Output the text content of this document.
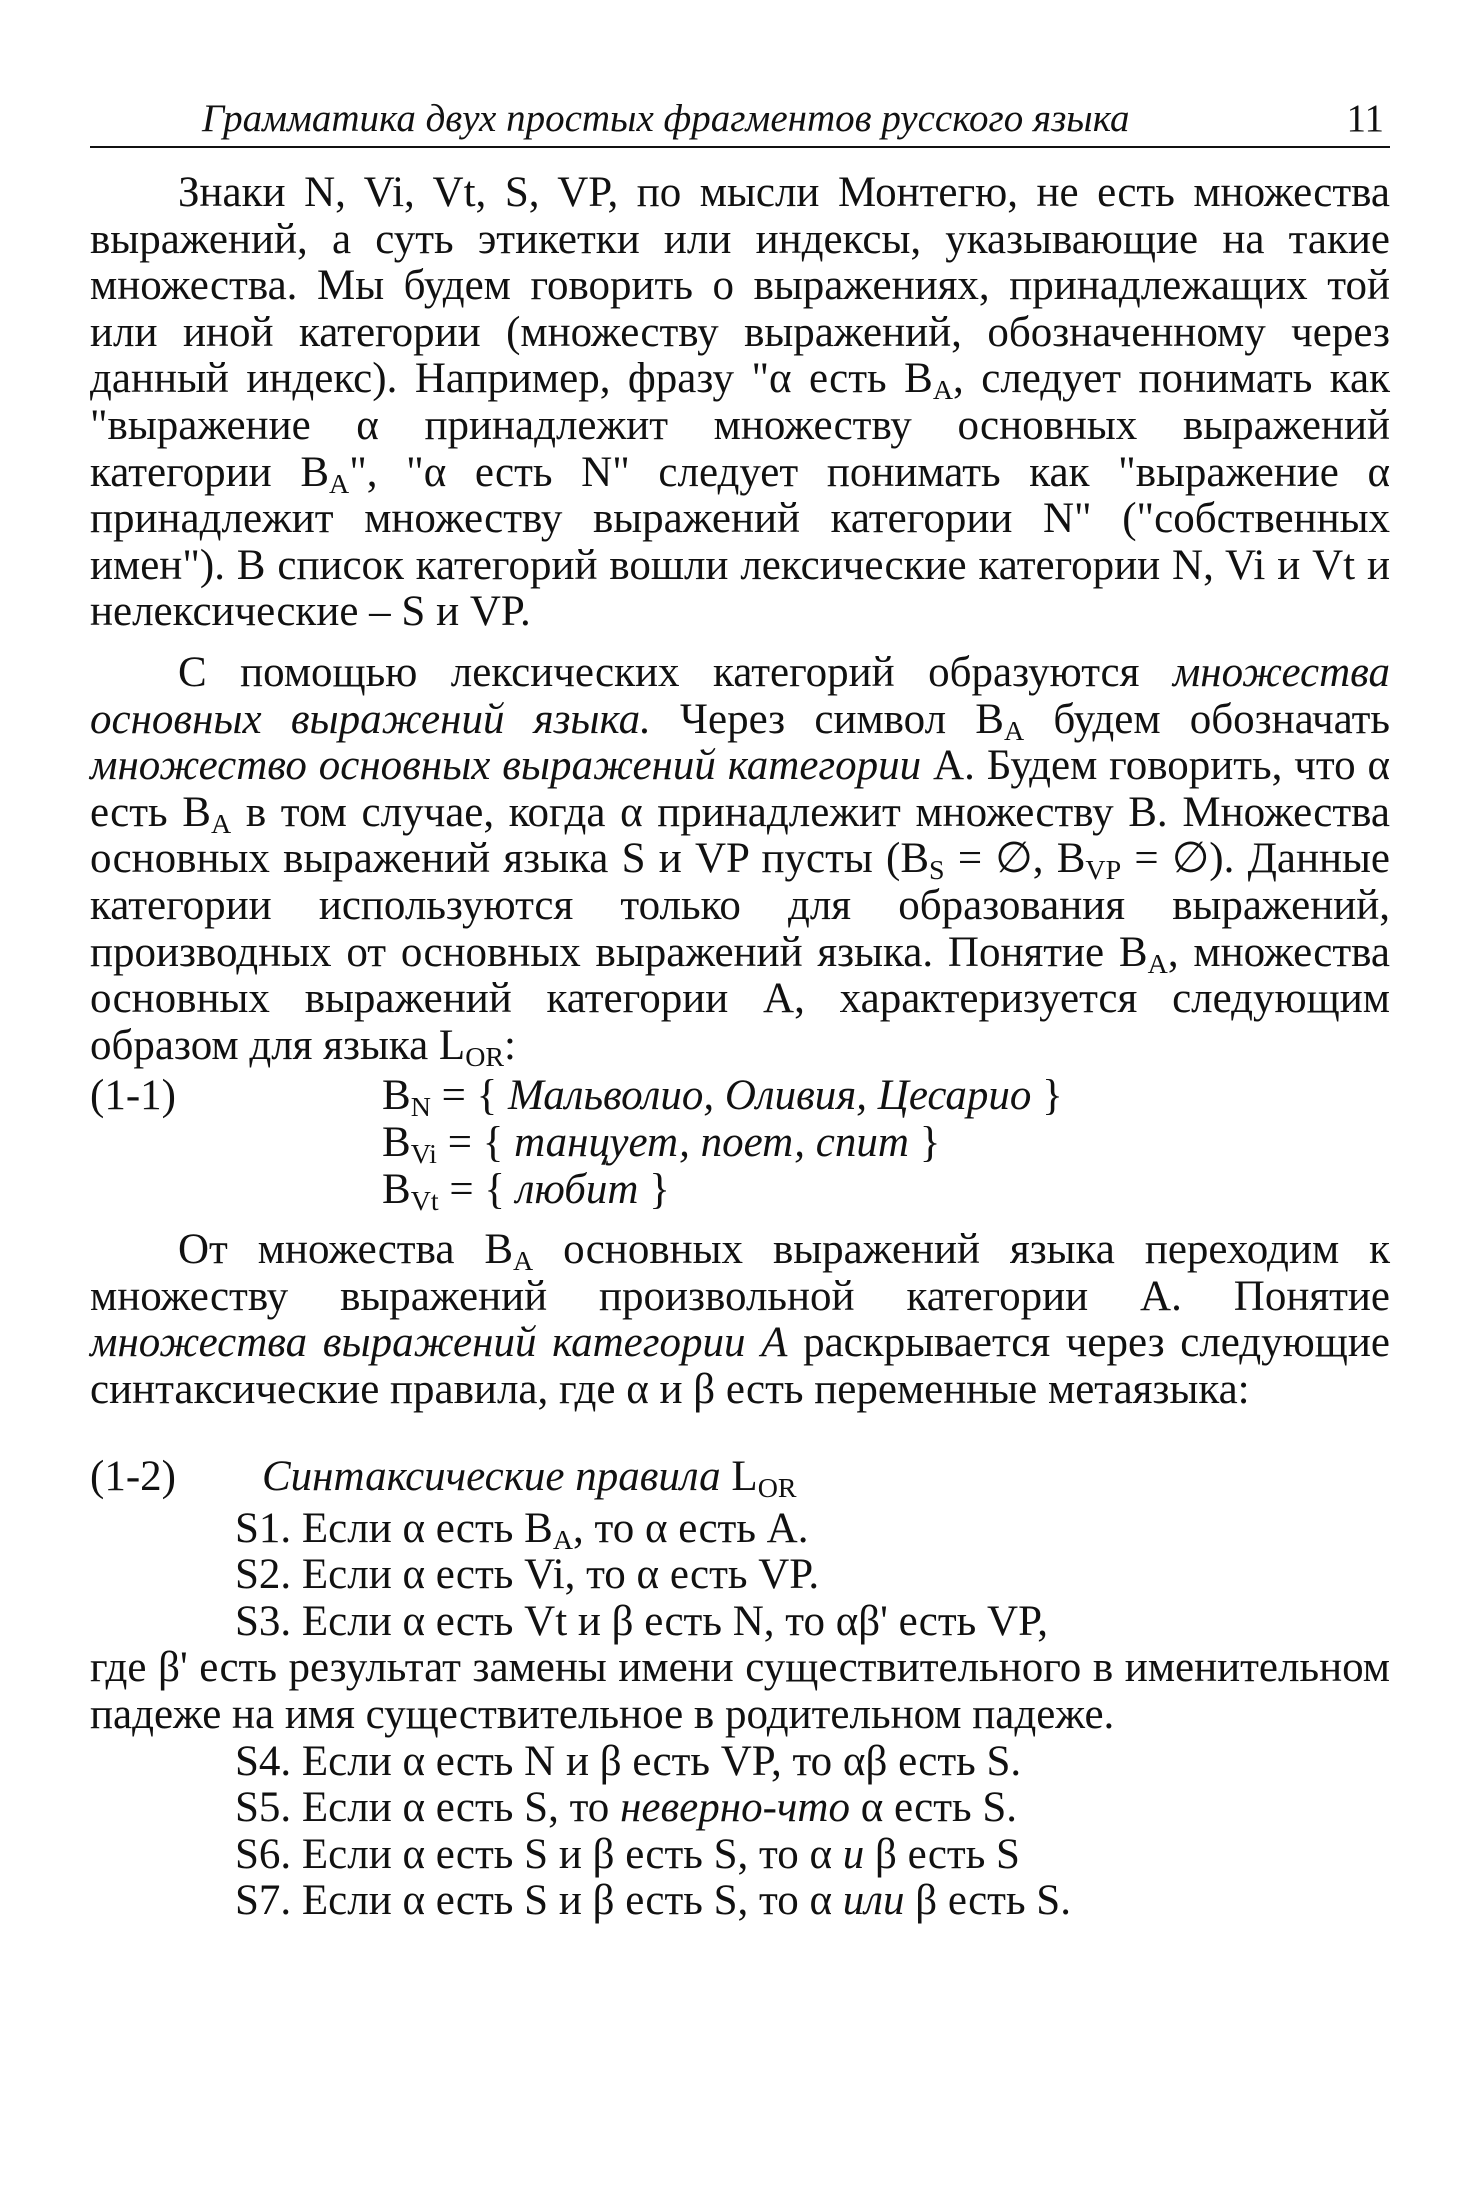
Грамматика двух простых фрагментов русского языка	11

Знаки N, Vi, Vt, S, VP, по мысли Монтегю, не есть множества выражений, а суть этикетки или индексы, указывающие на такие множества. Мы будем говорить о выражениях, принадлежащих той или иной категории (множеству выражений, обозначенному через данный индекс). Например, фразу "α есть $B_A$, следует понимать как "выражение α принадлежит множеству основных выражений категории $B_A$", "α есть N" следует понимать как "выражение α принадлежит множеству выражений категории N" ("собственных имен"). В список категорий вошли лексические категории N, Vi и Vt и нелексические – S и VP.

С помощью лексических категорий образуются множества основных выражений языка. Через символ $B_A$ будем обозначать множество основных выражений категории A. Будем говорить, что α есть $B_A$ в том случае, когда α принадлежит множеству B. Множества основных выражений языка S и VP пусты ($B_S$ = ∅, $B_{VP}$ = ∅). Данные категории используются только для образования выражений, производных от основных выражений языка. Понятие $B_A$, множества основных выражений категории A, характеризуется следующим образом для языка $L_{OR}$:

(1-1)	$B_N$ = { Мальволио, Оливия, Цесарио }
$B_{Vi}$ = { танцует, поет, спит }
$B_{Vt}$ = { любит }

От множества $B_A$ основных выражений языка переходим к множеству выражений произвольной категории A. Понятие множества выражений категории A раскрывается через следующие синтаксические правила, где α и β есть переменные метаязыка:

(1-2) Синтаксические правила $L_{OR}$
S1. Если α есть $B_A$, то α есть A.
S2. Если α есть Vi, то α есть VP.
S3. Если α есть Vt и β есть N, то αβ' есть VP,

где β' есть результат замены имени существительного в именительном падеже на имя существительное в родительном падеже.

S4. Если α есть N и β есть VP, то αβ есть S.
S5. Если α есть S, то неверно-что α есть S.
S6. Если α есть S и β есть S, то α и β есть S
S7. Если α есть S и β есть S, то α или β есть S.
